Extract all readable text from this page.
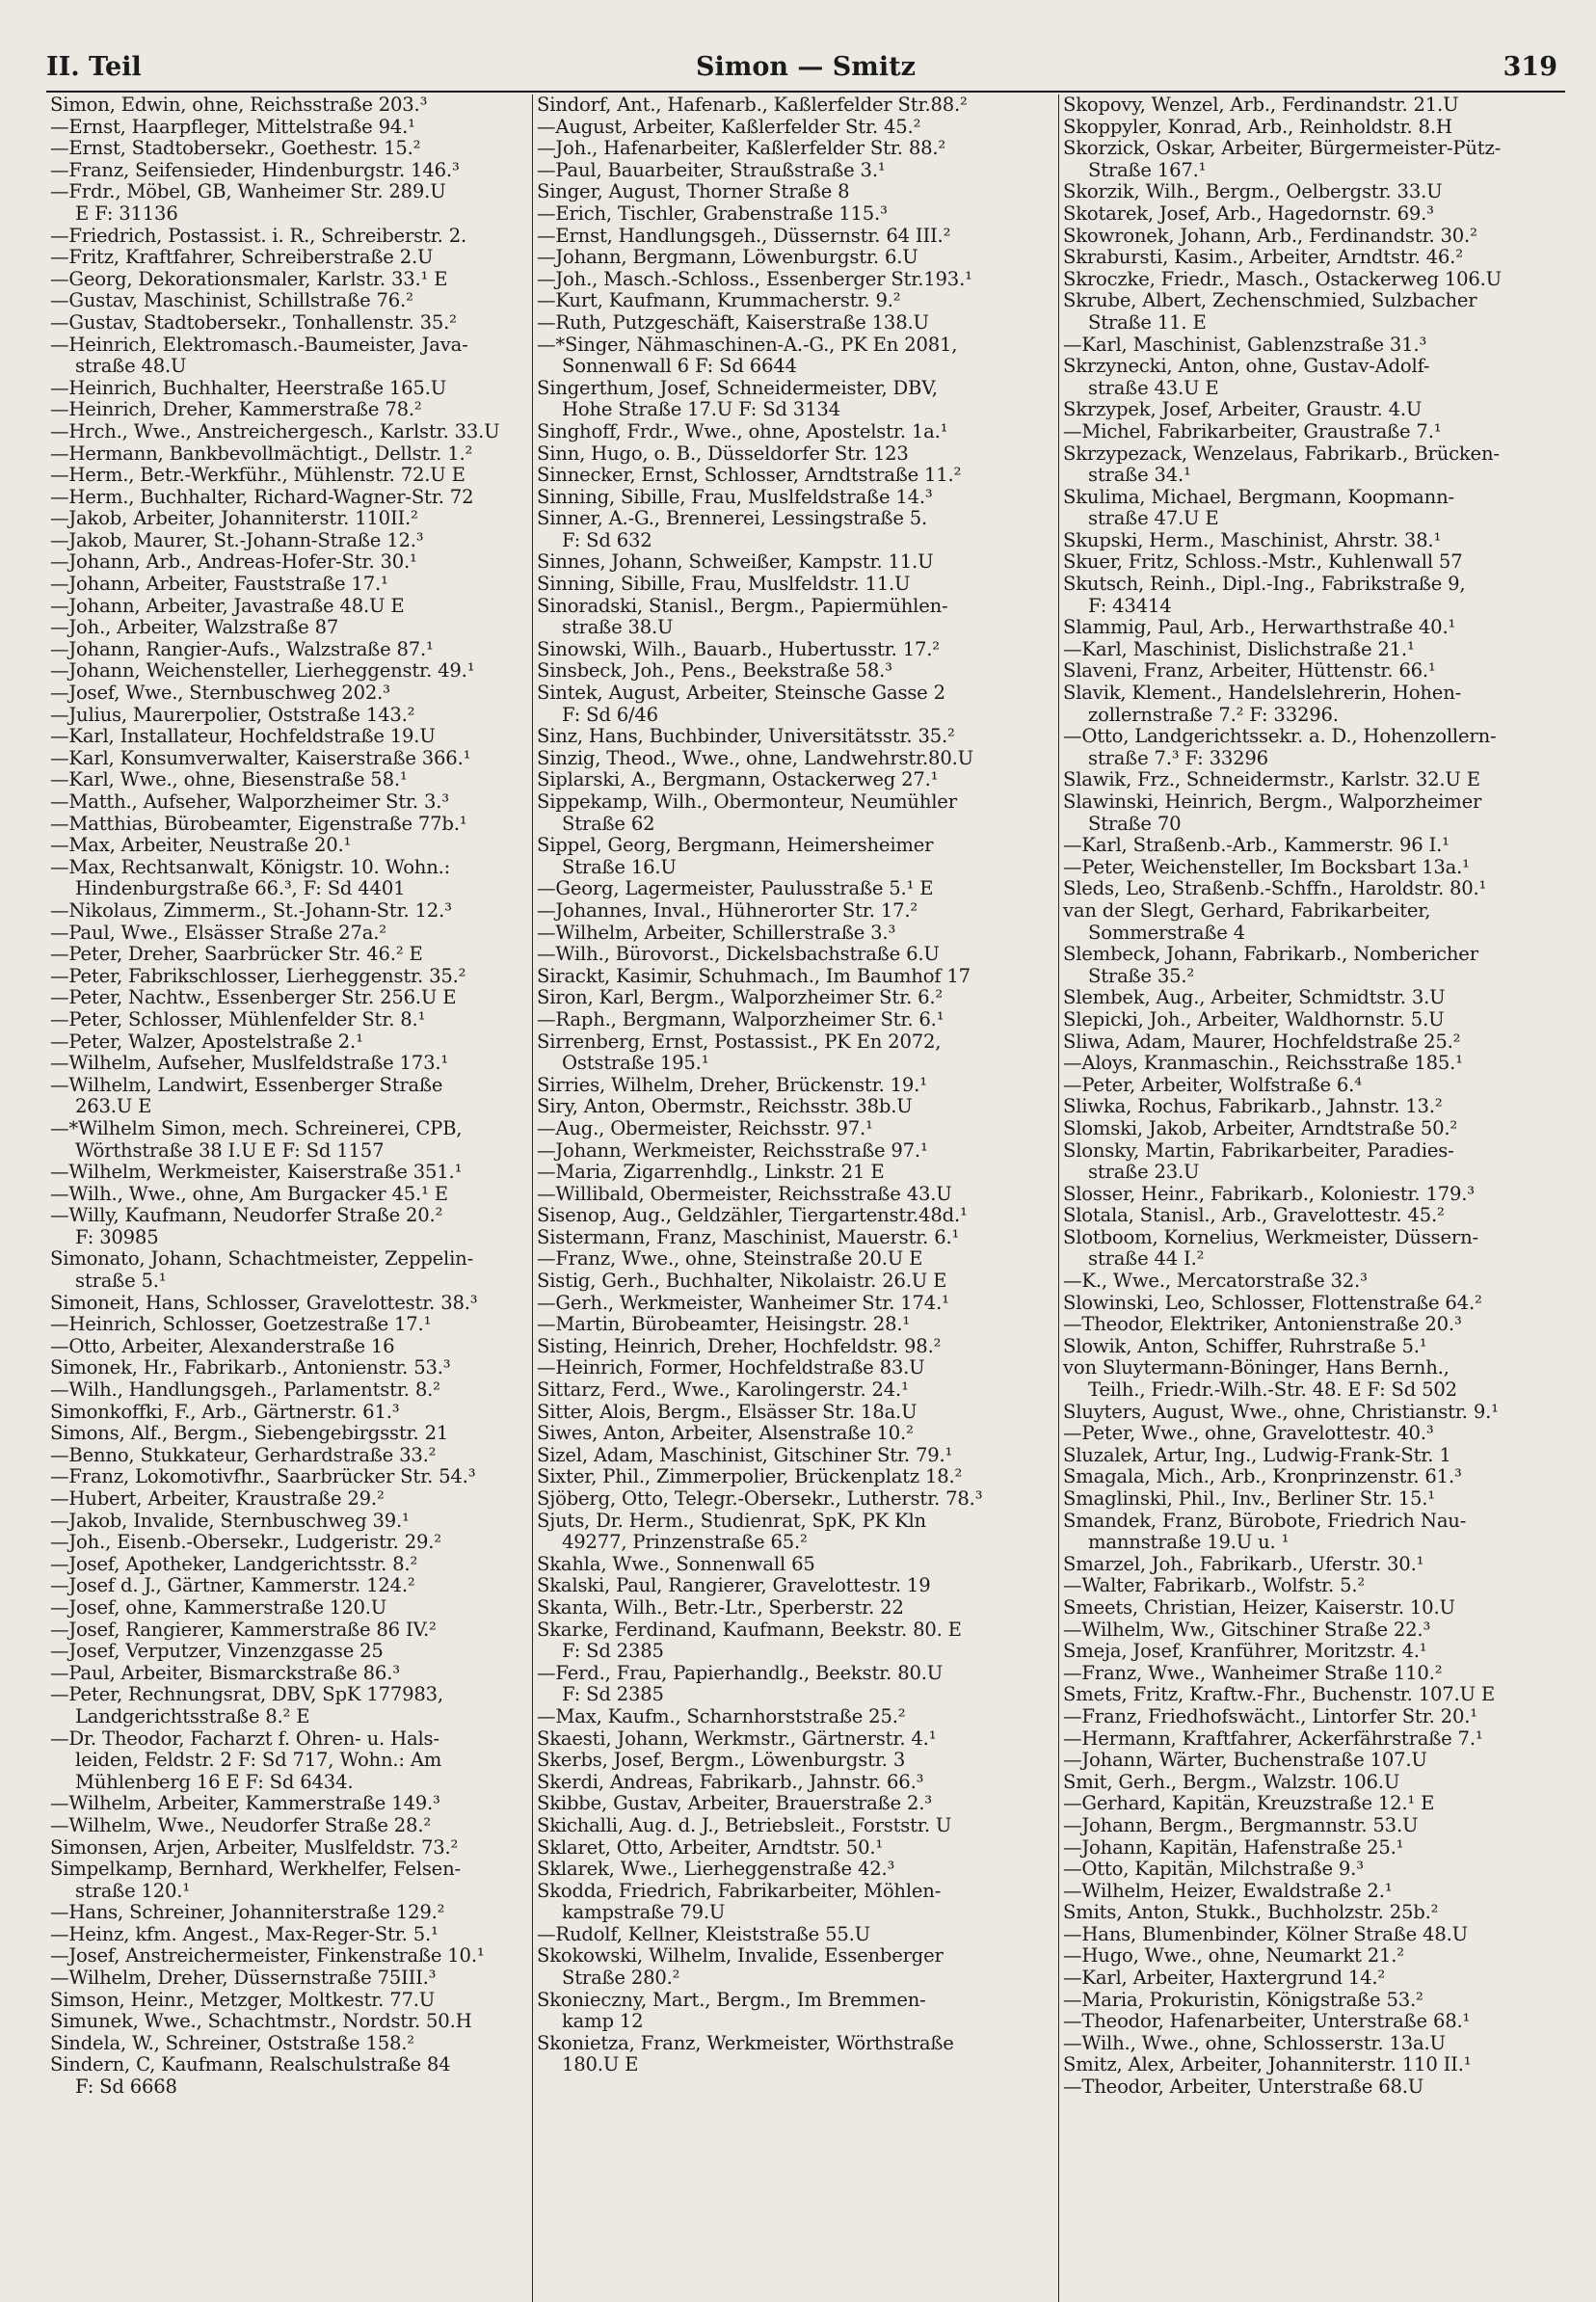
II. Teil	Simon — Smitz	319
Simon, Edwin, ohne, Reichsstraße 203.³
—Ernst, Haarpfleger, Mittelstraße 94.¹
—Ernst, Stadtobersekr., Goethestr. 15.²
—Franz, Seifensieder, Hindenburgstr. 146.³
—Frdr., Möbel, GB, Wanheimer Str. 289.U
E F: 31136
—Friedrich, Postassist. i. R., Schreiberstr. 2.
—Fritz, Kraftfahrer, Schreiberstraße 2.U
—Georg, Dekorationsmaler, Karlstr. 33.¹ E
—Gustav, Maschinist, Schillstraße 76.²
—Gustav, Stadtobersekr., Tonhallenstr. 35.²
—Heinrich, Elektromasch.-Baumeister, Java-
straße 48.U
—Heinrich, Buchhalter, Heerstraße 165.U
—Heinrich, Dreher, Kammerstraße 78.²
—Hrch., Wwe., Anstreichergesch., Karlstr. 33.U
—Hermann, Bankbevollmächtigt., Dellstr. 1.²
—Herm., Betr.-Werkführ., Mühlenstr. 72.U E
—Herm., Buchhalter, Richard-Wagner-Str. 72
—Jakob, Arbeiter, Johanniterstr. 110II.²
—Jakob, Maurer, St.-Johann-Straße 12.³
—Johann, Arb., Andreas-Hofer-Str. 30.¹
—Johann, Arbeiter, Fauststraße 17.¹
—Johann, Arbeiter, Javastraße 48.U E
—Joh., Arbeiter, Walzstraße 87
—Johann, Rangier-Aufs., Walzstraße 87.¹
—Johann, Weichensteller, Lierheggenstr. 49.¹
—Josef, Wwe., Sternbuschweg 202.³
—Julius, Maurerpolier, Oststraße 143.²
—Karl, Installateur, Hochfeldstraße 19.U
—Karl, Konsumverwalter, Kaiserstraße 366.¹
—Karl, Wwe., ohne, Biesenstraße 58.¹
—Matth., Aufseher, Walporzheimer Str. 3.³
—Matthias, Bürobeamter, Eigenstraße 77b.¹
—Max, Arbeiter, Neustraße 20.¹
—Max, Rechtsanwalt, Königstr. 10. Wohn.:
Hindenburgstraße 66.³, F: Sd 4401
—Nikolaus, Zimmerm., St.-Johann-Str. 12.³
—Paul, Wwe., Elsässer Straße 27a.²
—Peter, Dreher, Saarbrücker Str. 46.² E
—Peter, Fabrikschlosser, Lierheggenstr. 35.²
—Peter, Nachtw., Essenberger Str. 256.U E
—Peter, Schlosser, Mühlenfelder Str. 8.¹
—Peter, Walzer, Apostelstraße 2.¹
—Wilhelm, Aufseher, Muslfeldstraße 173.¹
—Wilhelm, Landwirt, Essenberger Straße
263.U E
—*Wilhelm Simon, mech. Schreinerei, CPB,
Wörthstraße 38 I.U E F: Sd 1157
—Wilhelm, Werkmeister, Kaiserstraße 351.¹
—Wilh., Wwe., ohne, Am Burgacker 45.¹ E
—Willy, Kaufmann, Neudorfer Straße 20.²
F: 30985
Simonato, Johann, Schachtmeister, Zeppelin-
straße 5.¹
Simoneit, Hans, Schlosser, Gravelottestr. 38.³
—Heinrich, Schlosser, Goetzestraße 17.¹
—Otto, Arbeiter, Alexanderstraße 16
Simonek, Hr., Fabrikarb., Antonienstr. 53.³
—Wilh., Handlungsgeh., Parlamentstr. 8.²
Simonkoffki, F., Arb., Gärtnerstr. 61.³
Simons, Alf., Bergm., Siebengebirgsstr. 21
—Benno, Stukkateur, Gerhardstraße 33.²
—Franz, Lokomotivfhr., Saarbrücker Str. 54.³
—Hubert, Arbeiter, Kraustraße 29.²
—Jakob, Invalide, Sternbuschweg 39.¹
—Joh., Eisenb.-Obersekr., Ludgeristr. 29.²
—Josef, Apotheker, Landgerichtsstr. 8.²
—Josef d. J., Gärtner, Kammerstr. 124.²
—Josef, ohne, Kammerstraße 120.U
—Josef, Rangierer, Kammerstraße 86 IV.²
—Josef, Verputzer, Vinzenzgasse 25
—Paul, Arbeiter, Bismarckstraße 86.³
—Peter, Rechnungsrat, DBV, SpK 177983,
Landgerichtsstraße 8.² E
—Dr. Theodor, Facharzt f. Ohren- u. Hals-
leiden, Feldstr. 2 F: Sd 717, Wohn.: Am
Mühlenberg 16 E F: Sd 6434.
—Wilhelm, Arbeiter, Kammerstraße 149.³
—Wilhelm, Wwe., Neudorfer Straße 28.²
Simonsen, Arjen, Arbeiter, Muslfeldstr. 73.²
Simpelkamp, Bernhard, Werkhelfer, Felsen-
straße 120.¹
—Hans, Schreiner, Johanniterstraße 129.²
—Heinz, kfm. Angest., Max-Reger-Str. 5.¹
—Josef, Anstreichermeister, Finkenstraße 10.¹
—Wilhelm, Dreher, Düssernstraße 75III.³
Simson, Heinr., Metzger, Moltkestr. 77.U
Simunek, Wwe., Schachtmstr., Nordstr. 50.H
Sindela, W., Schreiner, Oststraße 158.²
Sindern, C, Kaufmann, Realschulstraße 84
F: Sd 6668
Sindorf, Ant., Hafenarb., Kaßlerfelder Str.88.²
—August, Arbeiter, Kaßlerfelder Str. 45.²
—Joh., Hafenarbeiter, Kaßlerfelder Str. 88.²
—Paul, Bauarbeiter, Straußstraße 3.¹
Singer, August, Thorner Straße 8
—Erich, Tischler, Grabenstraße 115.³
—Ernst, Handlungsgeh., Düssernstr. 64 III.²
—Johann, Bergmann, Löwenburgstr. 6.U
—Joh., Masch.-Schloss., Essenberger Str.193.¹
—Kurt, Kaufmann, Krummacherstr. 9.²
—Ruth, Putzgeschäft, Kaiserstraße 138.U
—*Singer, Nähmaschinen-A.-G., PK En 2081,
Sonnenwall 6 F: Sd 6644
Singerthum, Josef, Schneidermeister, DBV,
Hohe Straße 17.U F: Sd 3134
Singhoff, Frdr., Wwe., ohne, Apostelstr. 1a.¹
Sinn, Hugo, o. B., Düsseldorfer Str. 123
Sinnecker, Ernst, Schlosser, Arndtstraße 11.²
Sinning, Sibille, Frau, Muslfeldstraße 14.³
Sinner, A.-G., Brennerei, Lessingstraße 5.
F: Sd 632
Sinnes, Johann, Schweißer, Kampstr. 11.U
Sinning, Sibille, Frau, Muslfeldstr. 11.U
Sinoradski, Stanisl., Bergm., Papiermühlen-
straße 38.U
Sinowski, Wilh., Bauarb., Hubertusstr. 17.²
Sinsbeck, Joh., Pens., Beekstraße 58.³
Sintek, August, Arbeiter, Steinsche Gasse 2
F: Sd 6/46
Sinz, Hans, Buchbinder, Universitätsstr. 35.²
Sinzig, Theod., Wwe., ohne, Landwehrstr.80.U
Siplarski, A., Bergmann, Ostackerweg 27.¹
Sippekamp, Wilh., Obermonteur, Neumühler
Straße 62
Sippel, Georg, Bergmann, Heimersheimer
Straße 16.U
—Georg, Lagermeister, Paulusstraße 5.¹ E
—Johannes, Inval., Hühnerorter Str. 17.²
—Wilhelm, Arbeiter, Schillerstraße 3.³
—Wilh., Bürovorst., Dickelsbachstraße 6.U
Sirackt, Kasimir, Schuhmach., Im Baumhof 17
Siron, Karl, Bergm., Walporzheimer Str. 6.²
—Raph., Bergmann, Walporzheimer Str. 6.¹
Sirrenberg, Ernst, Postassist., PK En 2072,
Oststraße 195.¹
Sirries, Wilhelm, Dreher, Brückenstr. 19.¹
Siry, Anton, Obermstr., Reichsstr. 38b.U
—Aug., Obermeister, Reichsstr. 97.¹
—Johann, Werkmeister, Reichsstraße 97.¹
—Maria, Zigarrenhdlg., Linkstr. 21 E
—Willibald, Obermeister, Reichsstraße 43.U
Sisenop, Aug., Geldzähler, Tiergartenstr.48d.¹
Sistermann, Franz, Maschinist, Mauerstr. 6.¹
—Franz, Wwe., ohne, Steinstraße 20.U E
Sistig, Gerh., Buchhalter, Nikolaistr. 26.U E
—Gerh., Werkmeister, Wanheimer Str. 174.¹
—Martin, Bürobeamter, Heisingstr. 28.¹
Sisting, Heinrich, Dreher, Hochfeldstr. 98.²
—Heinrich, Former, Hochfeldstraße 83.U
Sittarz, Ferd., Wwe., Karolingerstr. 24.¹
Sitter, Alois, Bergm., Elsässer Str. 18a.U
Siwes, Anton, Arbeiter, Alsenstraße 10.²
Sizel, Adam, Maschinist, Gitschiner Str. 79.¹
Sixter, Phil., Zimmerpolier, Brückenplatz 18.²
Sjöberg, Otto, Telegr.-Obersekr., Lutherstr. 78.³
Sjuts, Dr. Herm., Studienrat, SpK, PK Kln
49277, Prinzenstraße 65.²
Skahla, Wwe., Sonnenwall 65
Skalski, Paul, Rangierer, Gravelottestr. 19
Skanta, Wilh., Betr.-Ltr., Sperberstr. 22
Skarke, Ferdinand, Kaufmann, Beekstr. 80. E
F: Sd 2385
—Ferd., Frau, Papierhandlg., Beekstr. 80.U
F: Sd 2385
—Max, Kaufm., Scharnhorststraße 25.²
Skaesti, Johann, Werkmstr., Gärtnerstr. 4.¹
Skerbs, Josef, Bergm., Löwenburgstr. 3
Skerdi, Andreas, Fabrikarb., Jahnstr. 66.³
Skibbe, Gustav, Arbeiter, Brauerstraße 2.³
Skichalli, Aug. d. J., Betriebsleit., Forststr. U
Sklaret, Otto, Arbeiter, Arndtstr. 50.¹
Sklarek, Wwe., Lierheggenstraße 42.³
Skodda, Friedrich, Fabrikarbeiter, Möhlen-
kampstraße 79.U
—Rudolf, Kellner, Kleiststraße 55.U
Skokowski, Wilhelm, Invalide, Essenberger
Straße 280.²
Skonieczny, Mart., Bergm., Im Bremmen-
kamp 12
Skonietza, Franz, Werkmeister, Wörthstraße
180.U E
Skopovy, Wenzel, Arb., Ferdinandstr. 21.U
Skoppyler, Konrad, Arb., Reinholdstr. 8.H
Skorzick, Oskar, Arbeiter, Bürgermeister-Pütz-
Straße 167.¹
Skorzik, Wilh., Bergm., Oelbergstr. 33.U
Skotarek, Josef, Arb., Hagedornstr. 69.³
Skowronek, Johann, Arb., Ferdinandstr. 30.²
Skrabursti, Kasim., Arbeiter, Arndtstr. 46.²
Skroczke, Friedr., Masch., Ostackerweg 106.U
Skrube, Albert, Zechenschmied, Sulzbacher
Straße 11. E
—Karl, Maschinist, Gablenzstraße 31.³
Skrzynecki, Anton, ohne, Gustav-Adolf-
straße 43.U E
Skrzypek, Josef, Arbeiter, Graustr. 4.U
—Michel, Fabrikarbeiter, Graustraße 7.¹
Skrzypezack, Wenzelaus, Fabrikarb., Brücken-
straße 34.¹
Skulima, Michael, Bergmann, Koopmann-
straße 47.U E
Skupski, Herm., Maschinist, Ahrstr. 38.¹
Skuer, Fritz, Schloss.-Mstr., Kuhlenwall 57
Skutsch, Reinh., Dipl.-Ing., Fabrikstraße 9,
F: 43414
Slammig, Paul, Arb., Herwarthstraße 40.¹
—Karl, Maschinist, Dislichstraße 21.¹
Slaveni, Franz, Arbeiter, Hüttenstr. 66.¹
Slavik, Klement., Handelslehrerin, Hohen-
zollernstraße 7.² F: 33296.
—Otto, Landgerichtssekr. a. D., Hohenzollern-
straße 7.³ F: 33296
Slawik, Frz., Schneidermstr., Karlstr. 32.U E
Slawinski, Heinrich, Bergm., Walporzheimer
Straße 70
—Karl, Straßenb.-Arb., Kammerstr. 96 I.¹
—Peter, Weichensteller, Im Bocksbart 13a.¹
Sleds, Leo, Straßenb.-Schffn., Haroldstr. 80.¹
van der Slegt, Gerhard, Fabrikarbeiter,
Sommerstraße 4
Slembeck, Johann, Fabrikarb., Nombericher
Straße 35.²
Slembek, Aug., Arbeiter, Schmidtstr. 3.U
Slepicki, Joh., Arbeiter, Waldhornstr. 5.U
Sliwa, Adam, Maurer, Hochfeldstraße 25.²
—Aloys, Kranmaschin., Reichsstraße 185.¹
—Peter, Arbeiter, Wolfstraße 6.⁴
Sliwka, Rochus, Fabrikarb., Jahnstr. 13.²
Slomski, Jakob, Arbeiter, Arndtstraße 50.²
Slonsky, Martin, Fabrikarbeiter, Paradies-
straße 23.U
Slosser, Heinr., Fabrikarb., Koloniestr. 179.³
Slotala, Stanisl., Arb., Gravelottestr. 45.²
Slotboom, Kornelius, Werkmeister, Düssern-
straße 44 I.²
—K., Wwe., Mercatorstraße 32.³
Slowinski, Leo, Schlosser, Flottenstraße 64.²
—Theodor, Elektriker, Antonienstraße 20.³
Slowik, Anton, Schiffer, Ruhrstraße 5.¹
von Sluytermann-Böninger, Hans Bernh.,
Teilh., Friedr.-Wilh.-Str. 48. E F: Sd 502
Sluyters, August, Wwe., ohne, Christianstr. 9.¹
—Peter, Wwe., ohne, Gravelottestr. 40.³
Sluzalek, Artur, Ing., Ludwig-Frank-Str. 1
Smagala, Mich., Arb., Kronprinzenstr. 61.³
Smaglinski, Phil., Inv., Berliner Str. 15.¹
Smandek, Franz, Bürobote, Friedrich Nau-
mannstraße 19.U u. ¹
Smarzel, Joh., Fabrikarb., Uferstr. 30.¹
—Walter, Fabrikarb., Wolfstr. 5.²
Smeets, Christian, Heizer, Kaiserstr. 10.U
—Wilhelm, Ww., Gitschiner Straße 22.³
Smeja, Josef, Kranführer, Moritzstr. 4.¹
—Franz, Wwe., Wanheimer Straße 110.²
Smets, Fritz, Kraftw.-Fhr., Buchenstr. 107.U E
—Franz, Friedhofswächt., Lintorfer Str. 20.¹
—Hermann, Kraftfahrer, Ackerfährstraße 7.¹
—Johann, Wärter, Buchenstraße 107.U
Smit, Gerh., Bergm., Walzstr. 106.U
—Gerhard, Kapitän, Kreuzstraße 12.¹ E
—Johann, Bergm., Bergmannstr. 53.U
—Johann, Kapitän, Hafenstraße 25.¹
—Otto, Kapitän, Milchstraße 9.³
—Wilhelm, Heizer, Ewaldstraße 2.¹
Smits, Anton, Stukk., Buchholzstr. 25b.²
—Hans, Blumenbinder, Kölner Straße 48.U
—Hugo, Wwe., ohne, Neumarkt 21.²
—Karl, Arbeiter, Haxtergrund 14.²
—Maria, Prokuristin, Königstraße 53.²
—Theodor, Hafenarbeiter, Unterstraße 68.¹
—Wilh., Wwe., ohne, Schlosserstr. 13a.U
Smitz, Alex, Arbeiter, Johanniterstr. 110 II.¹
—Theodor, Arbeiter, Unterstraße 68.U
